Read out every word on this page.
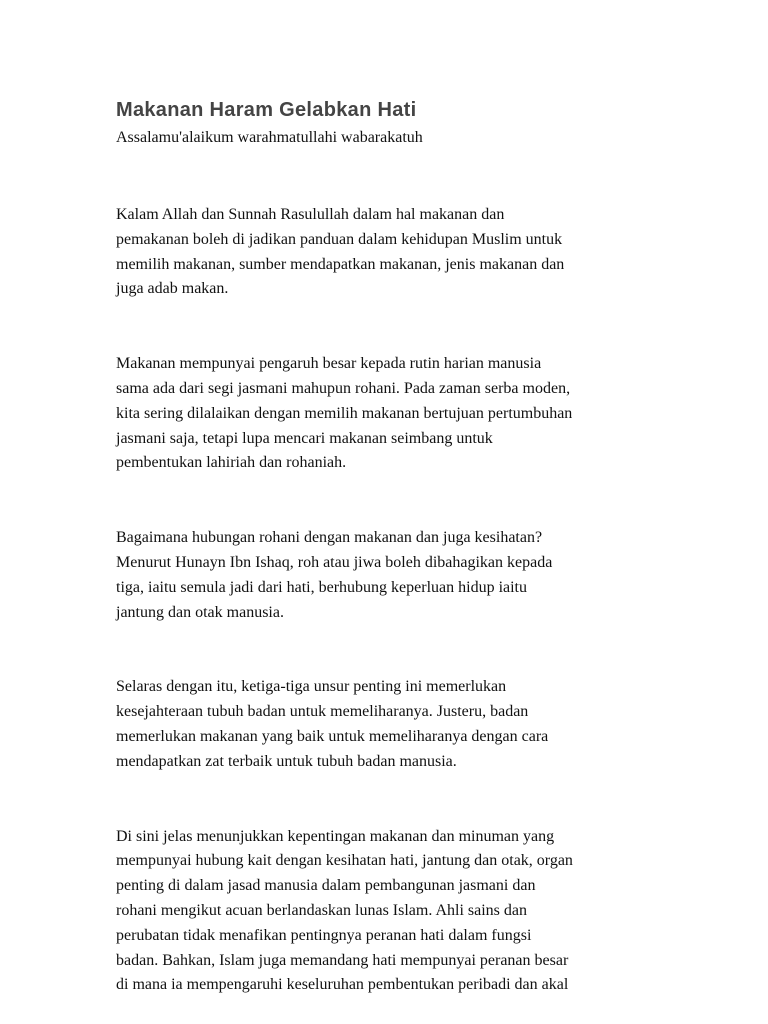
Makanan Haram Gelabkan Hati

Assalamu'alaikum warahmatullahi wabarakatuh

Kalam Allah dan Sunnah Rasulullah dalam hal makanan dan
pemakanan boleh di jadikan panduan dalam kehidupan Muslim untuk
memilih makanan, sumber mendapatkan makanan, jenis makanan dan
juga adab makan.

Makanan mempunyai pengaruh besar kepada rutin harian manusia
sama ada dari segi jasmani mahupun rohani. Pada zaman serba moden,
kita sering dilalaikan dengan memilih makanan bertujuan pertumbuhan
jasmani saja, tetapi lupa mencari makanan seimbang untuk
pembentukan lahiriah dan rohaniah.

Bagaimana hubungan rohani dengan makanan dan juga kesihatan?
Menurut Hunayn Ibn Ishaq, roh atau jiwa boleh dibahagikan kepada
tiga, iaitu semula jadi dari hati, berhubung keperluan hidup iaitu
jantung dan otak manusia.

Selaras dengan itu, ketiga-tiga unsur penting ini memerlukan
kesejahteraan tubuh badan untuk memeliharanya. Justeru, badan
memerlukan makanan yang baik untuk memeliharanya dengan cara
mendapatkan zat terbaik untuk tubuh badan manusia.

Di sini jelas menunjukkan kepentingan makanan dan minuman yang
mempunyai hubung kait dengan kesihatan hati, jantung dan otak, organ
penting di dalam jasad manusia dalam pembangunan jasmani dan
rohani mengikut acuan berlandaskan lunas Islam. Ahli sains dan
perubatan tidak menafikan pentingnya peranan hati dalam fungsi
badan. Bahkan, Islam juga memandang hati mempunyai peranan besar
di mana ia mempengaruhi keseluruhan pembentukan peribadi dan akal
